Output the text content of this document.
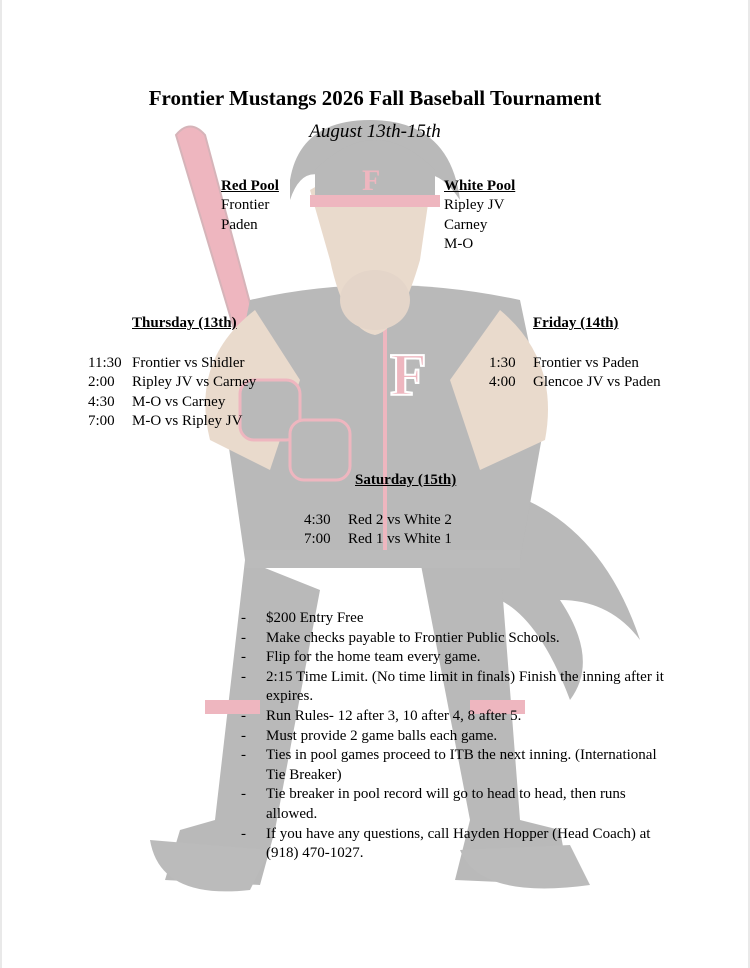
F
F
Frontier Mustangs 2026 Fall Baseball Tournament
August 13th-15th
Red Pool
Frontier
Paden
White Pool
Ripley JV
Carney
M-O
Thursday (13th)
11:30 Frontier vs Shidler
2:00 Ripley JV vs Carney
4:30 M-O vs Carney
7:00 M-O vs Ripley JV
Friday (14th)
1:30 Frontier vs Paden
4:00 Glencoe JV vs Paden
Saturday (15th)
4:30 Red 2 vs White 2
7:00 Red 1 vs White 1
- $200 Entry Free
- Make checks payable to Frontier Public Schools.
- Flip for the home team every game.
- 2:15 Time Limit. (No time limit in finals) Finish the inning after it expires.
- Run Rules- 12 after 3, 10 after 4, 8 after 5.
- Must provide 2 game balls each game.
- Ties in pool games proceed to ITB the next inning. (International Tie Breaker)
- Tie breaker in pool record will go to head to head, then runs allowed.
- If you have any questions, call Hayden Hopper (Head Coach) at (918) 470-1027.
